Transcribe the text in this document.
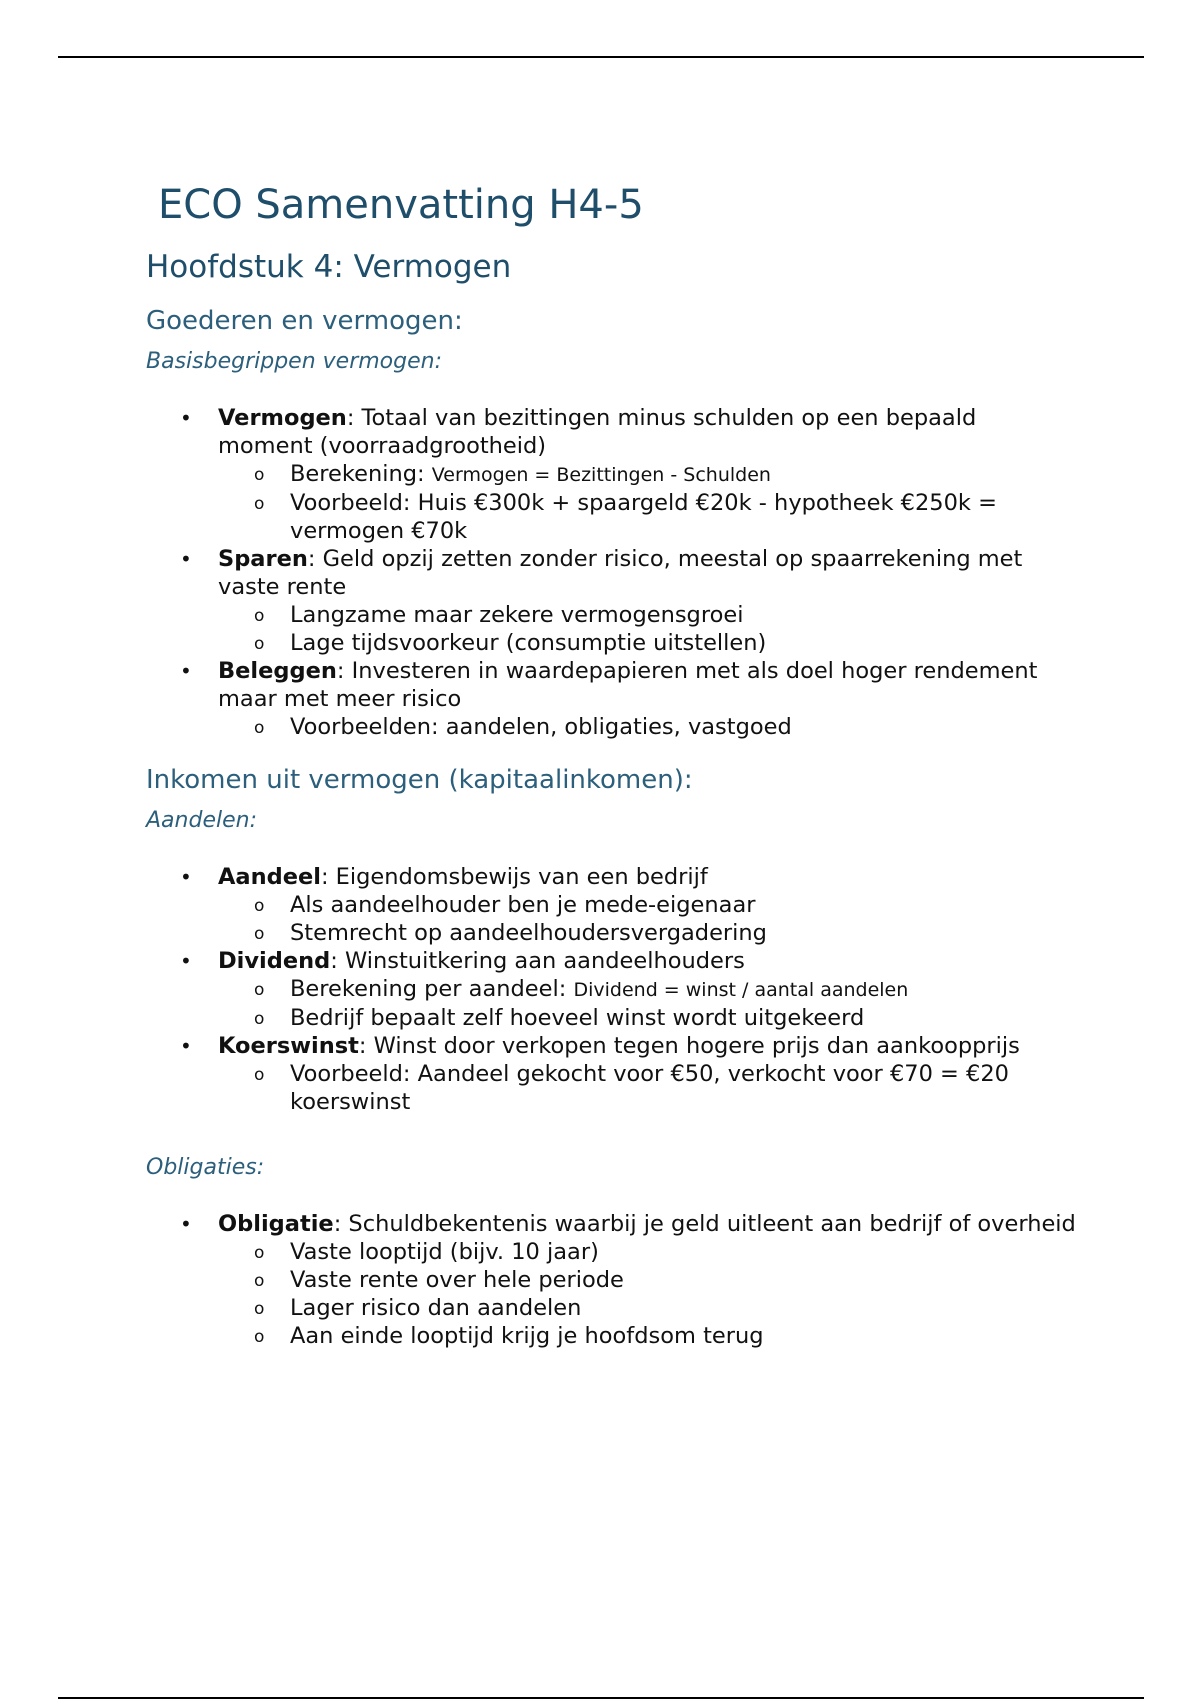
ECO Samenvatting H4-5
Hoofdstuk 4: Vermogen
Goederen en vermogen:
Basisbegrippen vermogen:
• Vermogen: Totaal van bezittingen minus schulden op een bepaald moment (voorraadgrootheid)
o Berekening: Vermogen = Bezittingen - Schulden
o Voorbeeld: Huis €300k + spaargeld €20k - hypotheek €250k = vermogen €70k
• Sparen: Geld opzij zetten zonder risico, meestal op spaarrekening met vaste rente
o Langzame maar zekere vermogensgroei
o Lage tijdsvoorkeur (consumptie uitstellen)
• Beleggen: Investeren in waardepapieren met als doel hoger rendement maar met meer risico
o Voorbeelden: aandelen, obligaties, vastgoed
Inkomen uit vermogen (kapitaalinkomen):
Aandelen:
• Aandeel: Eigendomsbewijs van een bedrijf
o Als aandeelhouder ben je mede-eigenaar
o Stemrecht op aandeelhoudersvergadering
• Dividend: Winstuitkering aan aandeelhouders
o Berekening per aandeel: Dividend = winst / aantal aandelen
o Bedrijf bepaalt zelf hoeveel winst wordt uitgekeerd
• Koerswinst: Winst door verkopen tegen hogere prijs dan aankoopprijs
o Voorbeeld: Aandeel gekocht voor €50, verkocht voor €70 = €20 koerswinst
Obligaties:
• Obligatie: Schuldbekentenis waarbij je geld uitleent aan bedrijf of overheid
o Vaste looptijd (bijv. 10 jaar)
o Vaste rente over hele periode
o Lager risico dan aandelen
o Aan einde looptijd krijg je hoofdsom terug
